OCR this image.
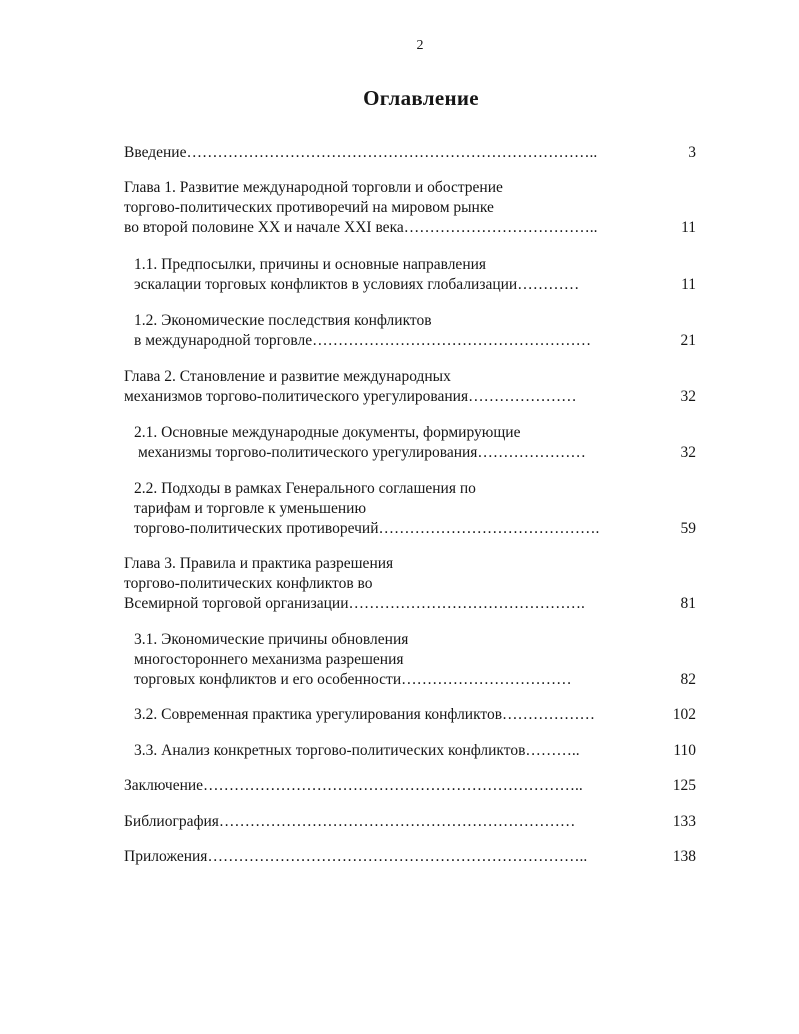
2
Оглавление
Введение……………………………………………………………………..	3
Глава 1. Развитие международной торговли и обострение
торгово-политических противоречий на мировом рынке
во второй половине XX и начале XXI века………………………………..	11
1.1. Предпосылки, причины и основные направления
эскалации торговых конфликтов в условиях глобализации…………	11
1.2. Экономические последствия конфликтов
в международной торговле………………………………………………	21
Глава 2. Становление и развитие международных
механизмов торгово-политического урегулирования…………………	32
2.1. Основные международные документы, формирующие
механизмы торгово-политического урегулирования…………………	32
2.2. Подходы в рамках Генерального соглашения по
тарифам и торговле к уменьшению
торгово-политических противоречий…………………………………….	59
Глава 3. Правила и практика разрешения
торгово-политических конфликтов во
Всемирной торговой организации……………………………………….	81
3.1. Экономические причины обновления
многостороннего механизма разрешения
торговых конфликтов и его особенности……………………………	82
3.2. Современная практика урегулирования конфликтов………………	102
3.3. Анализ конкретных торгово-политических конфликтов………..	110
Заключение………………………………………………………………..	125
Библиография……………………………………………………………	133
Приложения………………………………………………………………..	138
